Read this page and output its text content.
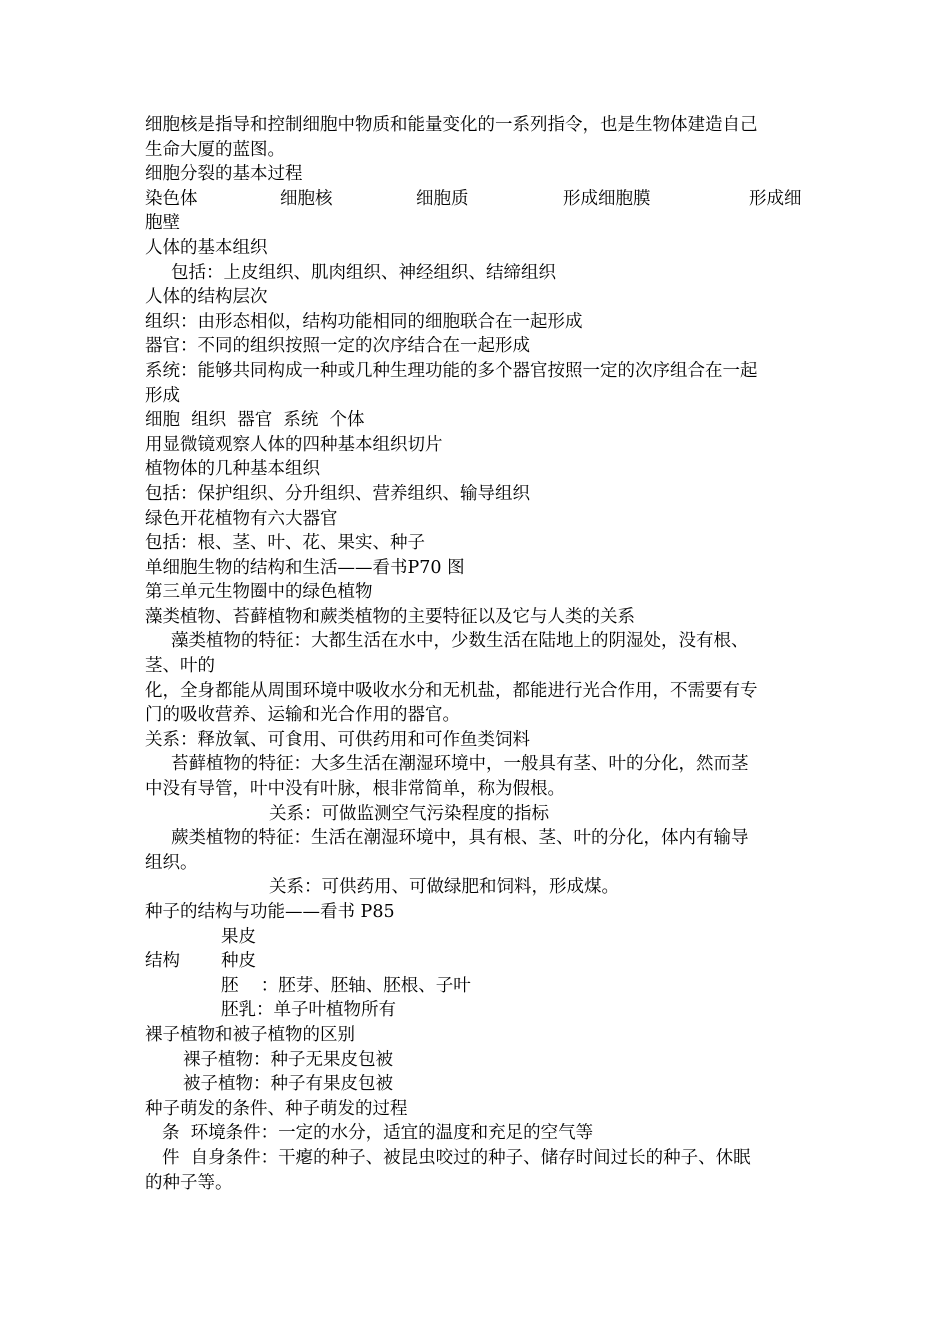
细胞核是指导和控制细胞中物质和能量变化的一系列指令，也是生物体建造自己
生命大厦的蓝图。
细胞分裂的基本过程
染色体	细胞核	细胞质	形成细胞膜	形成细
胞壁
人体的基本组织
包括：上皮组织、肌肉组织、神经组织、结缔组织
人体的结构层次
组织：由形态相似，结构功能相同的细胞联合在一起形成
器官：不同的组织按照一定的次序结合在一起形成
系统：能够共同构成一种或几种生理功能的多个器官按照一定的次序组合在一起
形成
细胞  组织  器官  系统  个体
用显微镜观察人体的四种基本组织切片
植物体的几种基本组织
包括：保护组织、分升组织、营养组织、输导组织
绿色开花植物有六大器官
包括：根、茎、叶、花、果实、种子
单细胞生物的结构和生活——看书P70 图
第三单元生物圈中的绿色植物
藻类植物、苔藓植物和蕨类植物的主要特征以及它与人类的关系
藻类植物的特征：大都生活在水中，少数生活在陆地上的阴湿处，没有根、
茎、叶的
化，全身都能从周围环境中吸收水分和无机盐，都能进行光合作用，不需要有专
门的吸收营养、运输和光合作用的器官。
关系：释放氧、可食用、可供药用和可作鱼类饲料
苔藓植物的特征：大多生活在潮湿环境中，一般具有茎、叶的分化，然而茎
中没有导管，叶中没有叶脉，根非常简单，称为假根。
关系：可做监测空气污染程度的指标
蕨类植物的特征：生活在潮湿环境中，具有根、茎、叶的分化，体内有输导
组织。
关系：可供药用、可做绿肥和饲料，形成煤。
种子的结构与功能——看书 P85
果皮
结构	种皮
胚    ：胚芽、胚轴、胚根、子叶
胚乳：单子叶植物所有
裸子植物和被子植物的区别
裸子植物：种子无果皮包被
被子植物：种子有果皮包被
种子萌发的条件、种子萌发的过程
条  环境条件：一定的水分，适宜的温度和充足的空气等
件  自身条件：干瘪的种子、被昆虫咬过的种子、储存时间过长的种子、休眠
的种子等。
